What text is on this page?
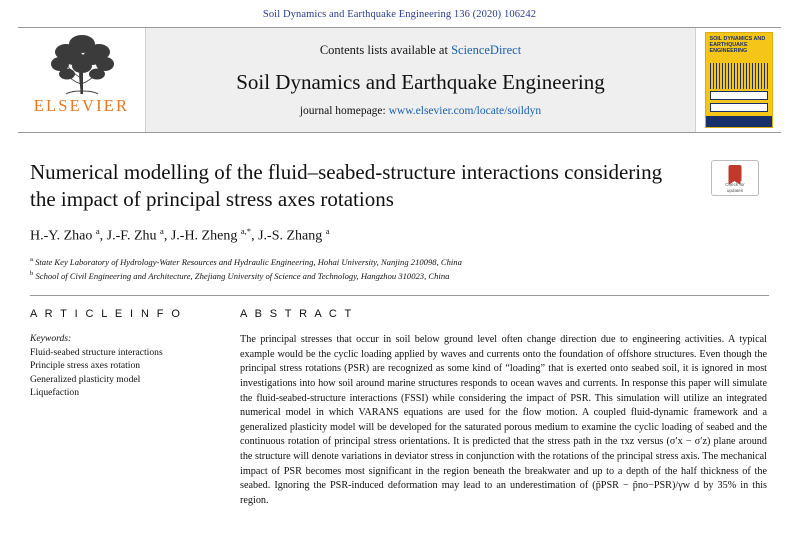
Soil Dynamics and Earthquake Engineering 136 (2020) 106242
ELSEVIER
Contents lists available at ScienceDirect
Soil Dynamics and Earthquake Engineering
journal homepage: www.elsevier.com/locate/soildyn
SOIL DYNAMICS AND EARTHQUAKE ENGINEERING
Check for
updates
Numerical modelling of the fluid–seabed-structure interactions considering the impact of principal stress axes rotations
H.-Y. Zhao $^a$, J.-F. Zhu $^a$, J.-H. Zheng $^{a,*}$, J.-S. Zhang $^a$
$^a$ State Key Laboratory of Hydrology-Water Resources and Hydraulic Engineering, Hohai University, Nanjing 210098, China
$^b$ School of Civil Engineering and Architecture, Zhejiang University of Science and Technology, Hangzhou 310023, China
A R T I C L E I N F O
Keywords:
Fluid-seabed structure interactions
Principle stress axes rotation
Generalized plasticity model
Liquefaction
A B S T R A C T

The principal stresses that occur in soil below ground level often change direction due to engineering activities. A typical example would be the cyclic loading applied by waves and currents onto the foundation of offshore structures. Even though the principal stress rotations (PSR) are recognized as some kind of “loading” that is exerted onto seabed soil, it is ignored in most investigations into how soil around marine structures responds to ocean waves and currents. In response this paper will simulate the fluid-seabed-structure interactions (FSSI) while considering the impact of PSR. This simulation will utilize an integrated numerical model in which VARANS equations are used for the flow motion. A coupled fluid-dynamic framework and a generalized plasticity model will be developed for the saturated porous medium to examine the cyclic loading of seabed and the continuous rotation of principal stress orientations. It is predicted that the stress path in the τxz versus (σ′x − σ′z) plane around the structure will denote variations in deviator stress in conjunction with the rotations of the principal stress axis. The mechanical impact of PSR becomes most significant in the region beneath the breakwater and up to a depth of the half thickness of the seabed. Ignoring the PSR-induced deformation may lead to an underestimation of (p̃PSR − p̃no−PSR)/γw d by 35% in this region.
